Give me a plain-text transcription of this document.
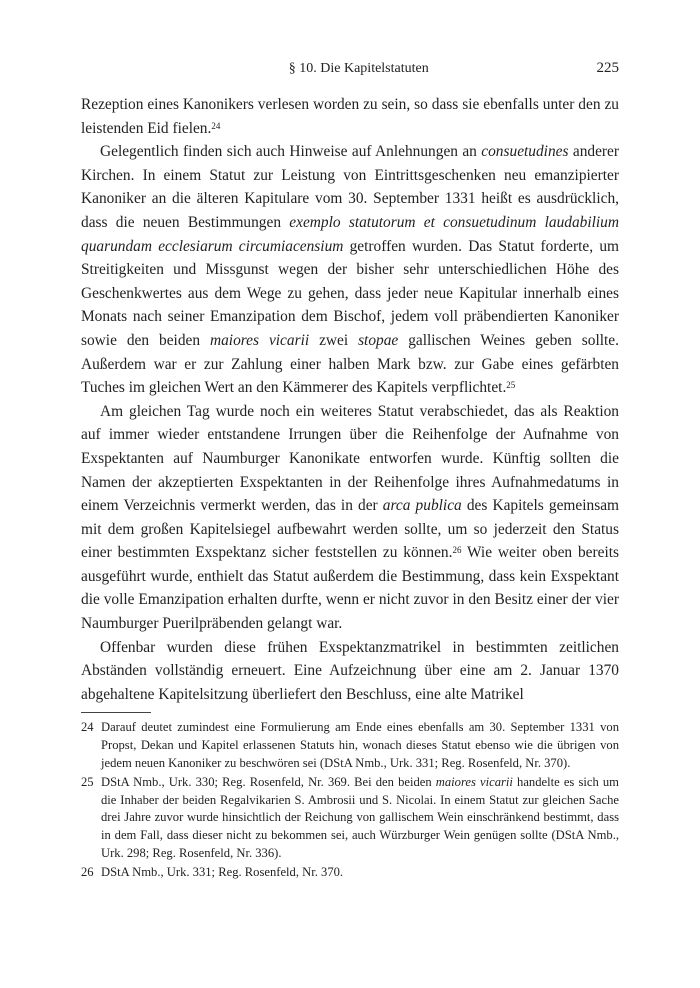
§ 10. Die Kapitelstatuten	225

Rezeption eines Kanonikers verlesen worden zu sein, so dass sie ebenfalls unter den zu leistenden Eid fielen.$^{24}$

Gelegentlich finden sich auch Hinweise auf Anlehnungen an consuetudines anderer Kirchen. In einem Statut zur Leistung von Eintrittsgeschenken neu emanzipierter Kanoniker an die älteren Kapitulare vom 30. September 1331 heißt es ausdrücklich, dass die neuen Bestimmungen exemplo statutorum et consuetudinum laudabilium quarundam ecclesiarum circumiacensium getroffen wurden. Das Statut forderte, um Streitigkeiten und Missgunst wegen der bisher sehr unterschiedlichen Höhe des Geschenkwertes aus dem Wege zu gehen, dass jeder neue Kapitular innerhalb eines Monats nach seiner Emanzipation dem Bischof, jedem voll präbendierten Kanoniker sowie den beiden maiores vicarii zwei stopae gallischen Weines geben sollte. Außerdem war er zur Zahlung einer halben Mark bzw. zur Gabe eines gefärbten Tuches im gleichen Wert an den Kämmerer des Kapitels verpflichtet.$^{25}$

Am gleichen Tag wurde noch ein weiteres Statut verabschiedet, das als Reaktion auf immer wieder entstandene Irrungen über die Reihenfolge der Aufnahme von Exspektanten auf Naumburger Kanonikate entworfen wurde. Künftig sollten die Namen der akzeptierten Exspektanten in der Reihenfolge ihres Aufnahmedatums in einem Verzeichnis vermerkt werden, das in der arca publica des Kapitels gemeinsam mit dem großen Kapitelsiegel aufbewahrt werden sollte, um so jederzeit den Status einer bestimmten Exspektanz sicher feststellen zu können.$^{26}$ Wie weiter oben bereits ausgeführt wurde, enthielt das Statut außerdem die Bestimmung, dass kein Exspektant die volle Emanzipation erhalten durfte, wenn er nicht zuvor in den Besitz einer der vier Naumburger Puerilpräbenden gelangt war.

Offenbar wurden diese frühen Exspektanzmatrikel in bestimmten zeitlichen Abständen vollständig erneuert. Eine Aufzeichnung über eine am 2. Januar 1370 abgehaltene Kapitelsitzung überliefert den Beschluss, eine alte Matrikel

24 Darauf deutet zumindest eine Formulierung am Ende eines ebenfalls am 30. September 1331 von Propst, Dekan und Kapitel erlassenen Statuts hin, wonach dieses Statut ebenso wie die übrigen von jedem neuen Kanoniker zu beschwören sei (DStA Nmb., Urk. 331; Reg. Rosenfeld, Nr. 370).
25 DStA Nmb., Urk. 330; Reg. Rosenfeld, Nr. 369. Bei den beiden maiores vicarii handelte es sich um die Inhaber der beiden Regalvikarien S. Ambrosii und S. Nicolai. In einem Statut zur gleichen Sache drei Jahre zuvor wurde hinsichtlich der Reichung von gallischem Wein einschränkend bestimmt, dass in dem Fall, dass dieser nicht zu bekommen sei, auch Würzburger Wein genügen sollte (DStA Nmb., Urk. 298; Reg. Rosenfeld, Nr. 336).
26 DStA Nmb., Urk. 331; Reg. Rosenfeld, Nr. 370.
